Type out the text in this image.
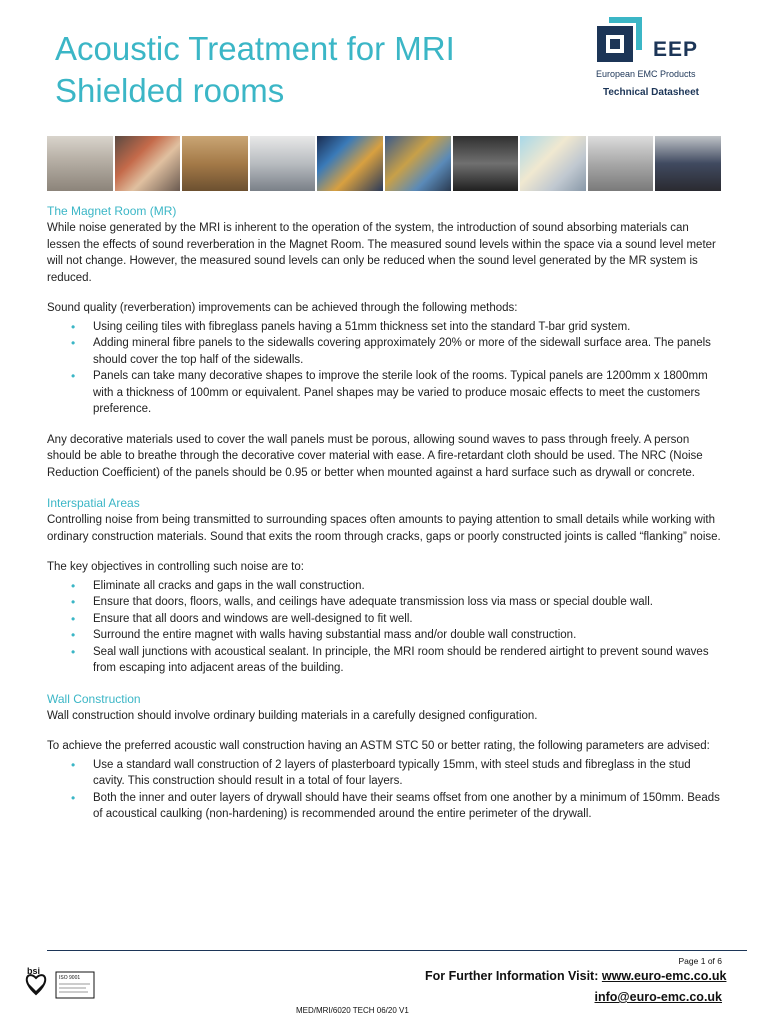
Acoustic Treatment for MRI
Shielded rooms
EEP
European EMC Products
Technical Datasheet
The Magnet Room (MR)

While noise generated by the MRI is inherent to the operation of the system, the introduction of sound absorbing materials can lessen the effects of sound reverberation in the Magnet Room. The measured sound levels within the space via a sound level meter will not change. However, the measured sound levels can only be reduced when the sound level generated by the MR system is reduced.

Sound quality (reverberation) improvements can be achieved through the following methods:

• Using ceiling tiles with fibreglass panels having a 51mm thickness set into the standard T-bar grid system.
• Adding mineral fibre panels to the sidewalls covering approximately 20% or more of the sidewall surface area. The panels should cover the top half of the sidewalls.
• Panels can take many decorative shapes to improve the sterile look of the rooms. Typical panels are 1200mm x 1800mm with a thickness of 100mm or equivalent. Panel shapes may be varied to produce mosaic effects to meet the customers preference.

Any decorative materials used to cover the wall panels must be porous, allowing sound waves to pass through freely. A person should be able to breathe through the decorative cover material with ease. A fire-retardant cloth should be used. The NRC (Noise Reduction Coefficient) of the panels should be 0.95 or better when mounted against a hard surface such as drywall or concrete.

Interspatial Areas

Controlling noise from being transmitted to surrounding spaces often amounts to paying attention to small details while working with ordinary construction materials. Sound that exits the room through cracks, gaps or poorly constructed joints is called “flanking” noise.

The key objectives in controlling such noise are to:

• Eliminate all cracks and gaps in the wall construction.
• Ensure that doors, floors, walls, and ceilings have adequate transmission loss via mass or special double wall.
• Ensure that all doors and windows are well-designed to fit well.
• Surround the entire magnet with walls having substantial mass and/or double wall construction.
• Seal wall junctions with acoustical sealant. In principle, the MRI room should be rendered airtight to prevent sound waves from escaping into adjacent areas of the building.
Wall Construction

Wall construction should involve ordinary building materials in a carefully designed configuration.

To achieve the preferred acoustic wall construction having an ASTM STC 50 or better rating, the following parameters are advised:

• Use a standard wall construction of 2 layers of plasterboard typically 15mm, with steel studs and fibreglass in the stud cavity. This construction should result in a total of four layers.
• Both the inner and outer layers of drywall should have their seams offset from one another by a minimum of 150mm. Beads of acoustical caulking (non-hardening) is recommended around the entire perimeter of the drywall.
Page 1 of 6
bsi
ISO 9001	For Further Information Visit: www.euro-emc.co.uk
info@euro-emc.co.uk
MED/MRI/6020 TECH 06/20 V1
